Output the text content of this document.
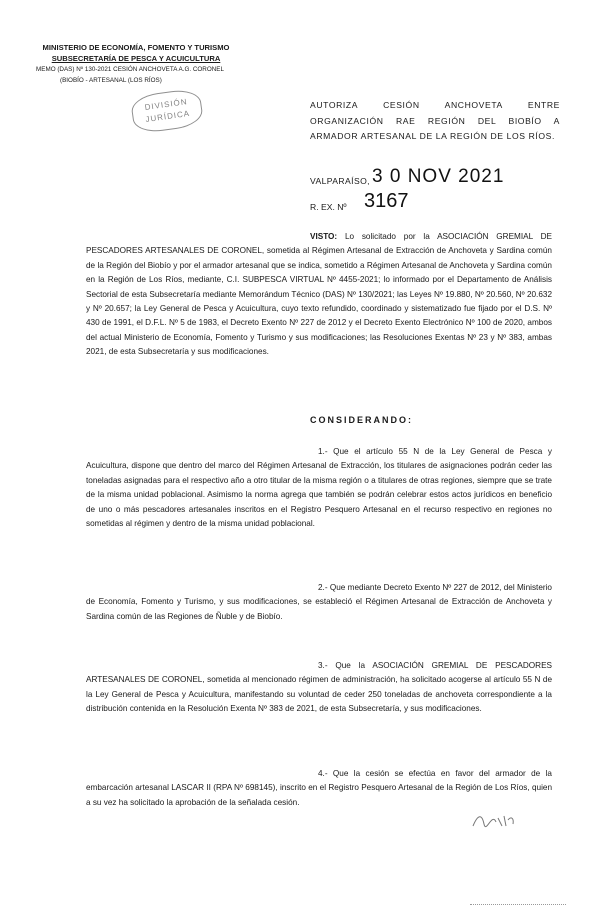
MINISTERIO DE ECONOMÍA, FOMENTO Y TURISMO
SUBSECRETARÍA DE PESCA Y ACUICULTURA
MEMO (DAS) Nº 130-2021 CESIÓN ANCHOVETA A.G. CORONEL
(BIOBÍO - ARTESANAL (LOS RÍOS)
DIVISIÓN
JURÍDICA
AUTORIZA CESIÓN ANCHOVETA ENTRE ORGANIZACIÓN RAE REGIÓN DEL BIOBÍO A ARMADOR ARTESANAL DE LA REGIÓN DE LOS RÍOS.
VALPARAÍSO, 3 0 NOV 2021
R. EX. Nº 3167
VISTO: Lo solicitado por la ASOCIACIÓN GREMIAL DE PESCADORES ARTESANALES DE CORONEL, sometida al Régimen Artesanal de Extracción de Anchoveta y Sardina común de la Región del Biobío y por el armador artesanal que se indica, sometido a Régimen Artesanal de Anchoveta y Sardina común en la Región de Los Ríos, mediante, C.I. SUBPESCA VIRTUAL Nº 4455-2021; lo informado por el Departamento de Análisis Sectorial de esta Subsecretaría mediante Memorándum Técnico (DAS) Nº 130/2021; las Leyes Nº 19.880, Nº 20.560, Nº 20.632 y Nº 20.657; la Ley General de Pesca y Acuicultura, cuyo texto refundido, coordinado y sistematizado fue fijado por el D.S. Nº 430 de 1991, el D.F.L. Nº 5 de 1983, el Decreto Exento Nº 227 de 2012 y el Decreto Exento Electrónico Nº 100 de 2020, ambos del actual Ministerio de Economía, Fomento y Turismo y sus modificaciones; las Resoluciones Exentas Nº 23 y Nº 383, ambas 2021, de esta Subsecretaría y sus modificaciones.
CONSIDERANDO:
1.- Que el artículo 55 N de la Ley General de Pesca y Acuicultura, dispone que dentro del marco del Régimen Artesanal de Extracción, los titulares de asignaciones podrán ceder las toneladas asignadas para el respectivo año a otro titular de la misma región o a titulares de otras regiones, siempre que se trate de la misma unidad poblacional. Asimismo la norma agrega que también se podrán celebrar estos actos jurídicos en beneficio de uno o más pescadores artesanales inscritos en el Registro Pesquero Artesanal en el recurso respectivo en regiones no sometidas al régimen y dentro de la misma unidad poblacional.
2.- Que mediante Decreto Exento Nº 227 de 2012, del Ministerio de Economía, Fomento y Turismo, y sus modificaciones, se estableció el Régimen Artesanal de Extracción de Anchoveta y Sardina común de las Regiones de Ñuble y de Biobío.
3.- Que la ASOCIACIÓN GREMIAL DE PESCADORES ARTESANALES DE CORONEL, sometida al mencionado régimen de administración, ha solicitado acogerse al artículo 55 N de la Ley General de Pesca y Acuicultura, manifestando su voluntad de ceder 250 toneladas de anchoveta correspondiente a la distribución contenida en la Resolución Exenta Nº 383 de 2021, de esta Subsecretaría, y sus modificaciones.
4.- Que la cesión se efectúa en favor del armador de la embarcación artesanal LASCAR II (RPA Nº 698145), inscrito en el Registro Pesquero Artesanal de la Región de Los Ríos, quien a su vez ha solicitado la aprobación de la señalada cesión.
